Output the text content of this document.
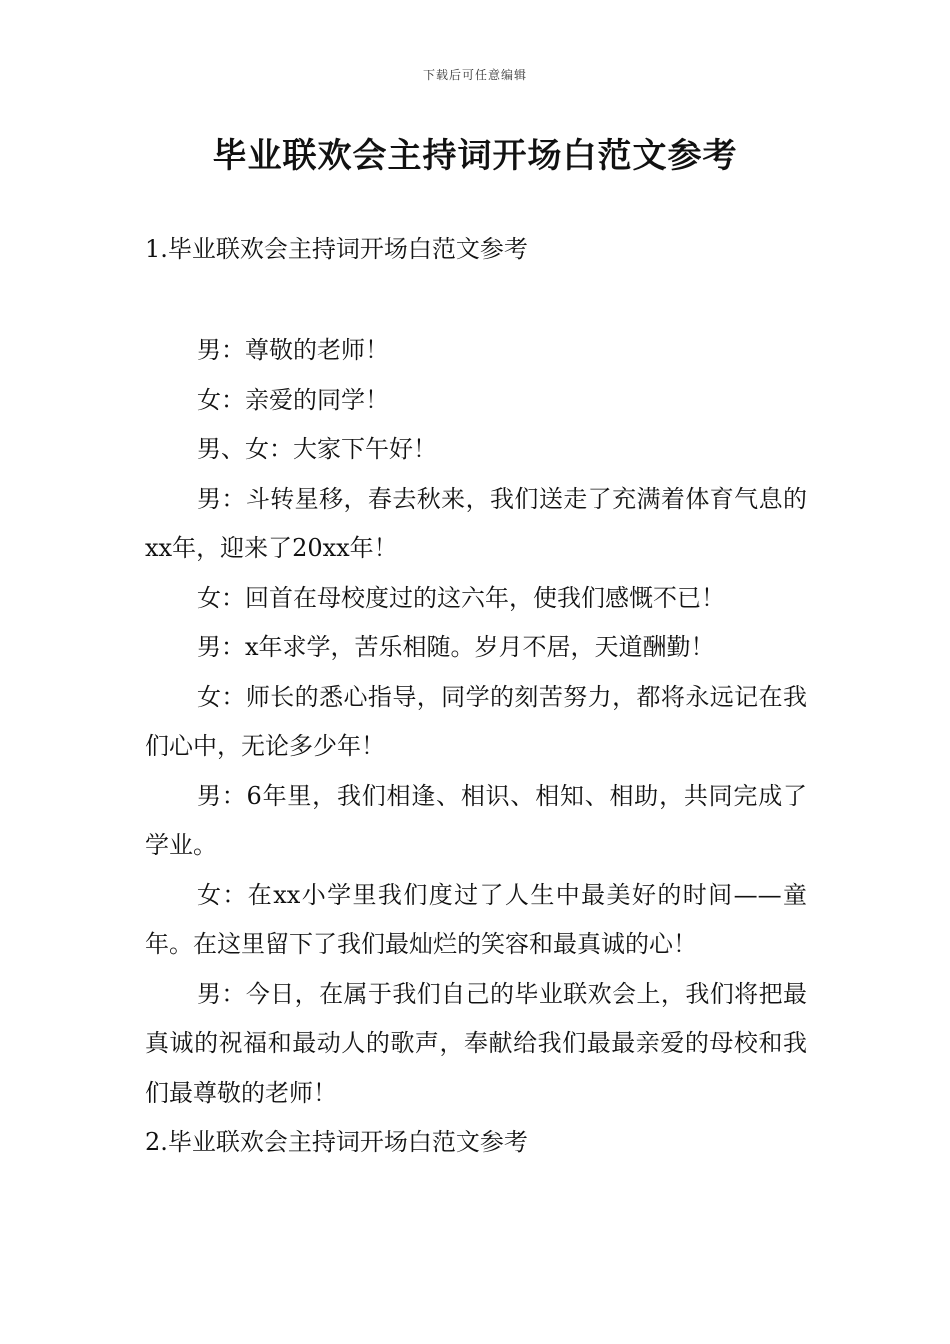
下载后可任意编辑
毕业联欢会主持词开场白范文参考

1.毕业联欢会主持词开场白范文参考

男：尊敬的老师！

女：亲爱的同学！

男、女：大家下午好！

男：斗转星移，春去秋来，我们送走了充满着体育气息的xx年，迎来了20xx年！

女：回首在母校度过的这六年，使我们感慨不已！

男：x年求学，苦乐相随。岁月不居，天道酬勤！

女：师长的悉心指导，同学的刻苦努力，都将永远记在我们心中，无论多少年！

男：6年里，我们相逢、相识、相知、相助，共同完成了学业。

女：在xx小学里我们度过了人生中最美好的时间——童年。在这里留下了我们最灿烂的笑容和最真诚的心！

男：今日，在属于我们自己的毕业联欢会上，我们将把最真诚的祝福和最动人的歌声，奉献给我们最最亲爱的母校和我们最尊敬的老师！

2.毕业联欢会主持词开场白范文参考
